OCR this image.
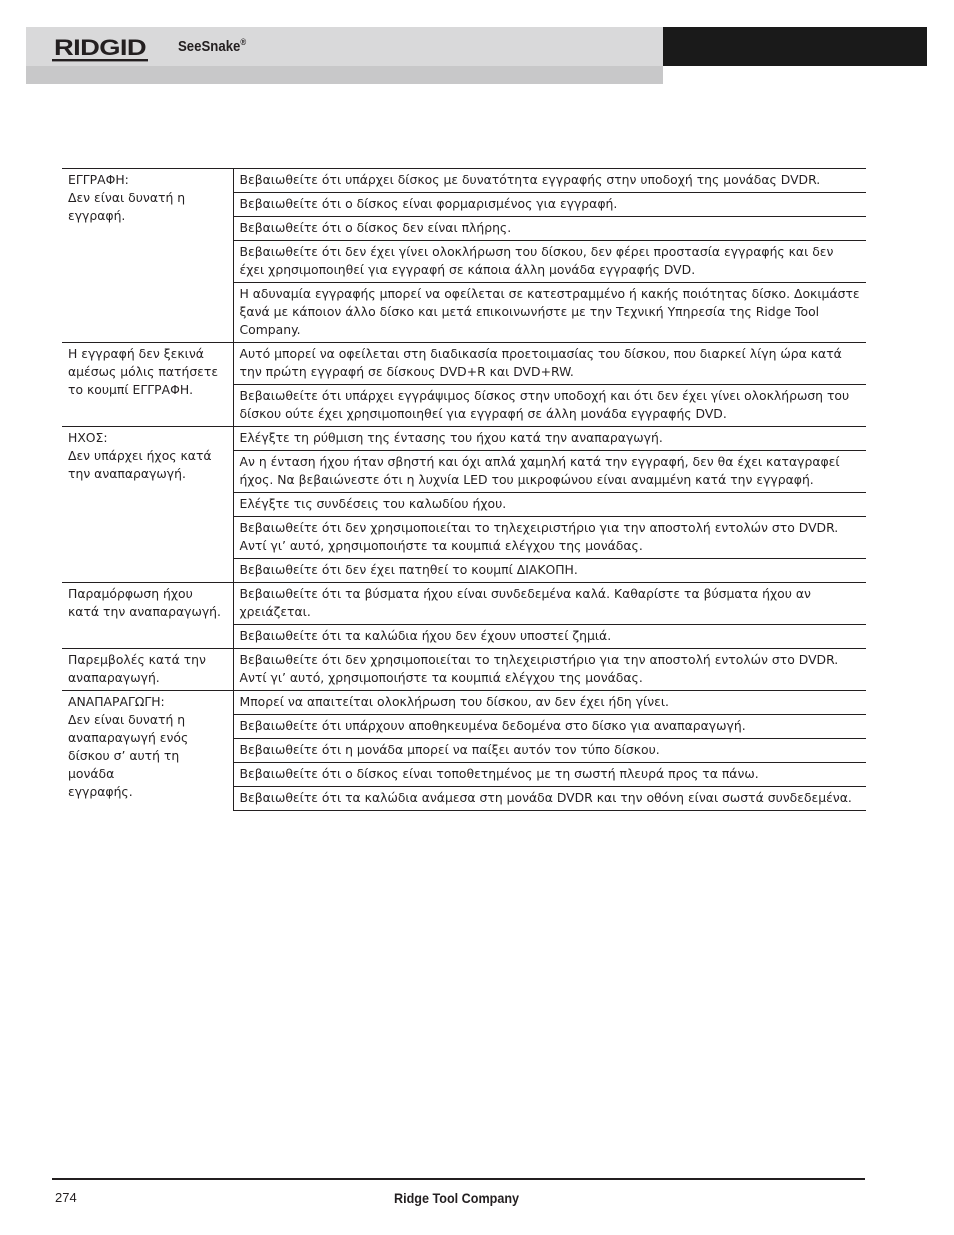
RIDGID SeeSnake®
ΕΓΓΡΑΦΗ:
Δεν είναι δυνατή η
εγγραφή.	Βεβαιωθείτε ότι υπάρχει δίσκος με δυνατότητα εγγραφής στην υποδοχή της μονάδας DVDR.
	Βεβαιωθείτε ότι ο δίσκος είναι φορμαρισμένος για εγγραφή.
	Βεβαιωθείτε ότι ο δίσκος δεν είναι πλήρης.
	Βεβαιωθείτε ότι δεν έχει γίνει ολοκλήρωση του δίσκου, δεν φέρει προστασία εγγραφής και δεν έχει χρησιμοποιηθεί για εγγραφή σε κάποια άλλη μονάδα εγγραφής DVD.
	Η αδυναμία εγγραφής μπορεί να οφείλεται σε κατεστραμμένο ή κακής ποιότητας δίσκο. Δοκιμάστε ξανά με κάποιον άλλο δίσκο και μετά επικοινωνήστε με την Τεχνική Υπηρεσία της Ridge Tool Company.
Η εγγραφή δεν ξεκινά
αμέσως μόλις πατήσετε
το κουμπί ΕΓΓΡΑΦΗ.	Αυτό μπορεί να οφείλεται στη διαδικασία προετοιμασίας του δίσκου, που διαρκεί λίγη ώρα κατά την πρώτη εγγραφή σε δίσκους DVD+R και DVD+RW.
	Βεβαιωθείτε ότι υπάρχει εγγράψιμος δίσκος στην υποδοχή και ότι δεν έχει γίνει ολοκλήρωση του δίσκου ούτε έχει χρησιμοποιηθεί για εγγραφή σε άλλη μονάδα εγγραφής DVD.
ΗΧΟΣ:
Δεν υπάρχει ήχος κατά
την αναπαραγωγή.	Ελέγξτε τη ρύθμιση της έντασης του ήχου κατά την αναπαραγωγή.
	Αν η ένταση ήχου ήταν σβηστή και όχι απλά χαμηλή κατά την εγγραφή, δεν θα έχει καταγραφεί ήχος. Να βεβαιώνεστε ότι η λυχνία LED του μικροφώνου είναι αναμμένη κατά την εγγραφή.
	Ελέγξτε τις συνδέσεις του καλωδίου ήχου.
	Βεβαιωθείτε ότι δεν χρησιμοποιείται το τηλεχειριστήριο για την αποστολή εντολών στο DVDR. Αντί γι’ αυτό, χρησιμοποιήστε τα κουμπιά ελέγχου της μονάδας.
	Βεβαιωθείτε ότι δεν έχει πατηθεί το κουμπί ΔΙΑΚΟΠΗ.
Παραμόρφωση ήχου
κατά την αναπαραγωγή.	Βεβαιωθείτε ότι τα βύσματα ήχου είναι συνδεδεμένα καλά. Καθαρίστε τα βύσματα ήχου αν χρειάζεται.
	Βεβαιωθείτε ότι τα καλώδια ήχου δεν έχουν υποστεί ζημιά.
Παρεμβολές κατά την
αναπαραγωγή.	Βεβαιωθείτε ότι δεν χρησιμοποιείται το τηλεχειριστήριο για την αποστολή εντολών στο DVDR. Αντί γι’ αυτό, χρησιμοποιήστε τα κουμπιά ελέγχου της μονάδας.
ΑΝΑΠΑΡΑΓΩΓΗ:
Δεν είναι δυνατή η
αναπαραγωγή ενός
δίσκου σ’ αυτή τη μονάδα
εγγραφής.	Μπορεί να απαιτείται ολοκλήρωση του δίσκου, αν δεν έχει ήδη γίνει.
	Βεβαιωθείτε ότι υπάρχουν αποθηκευμένα δεδομένα στο δίσκο για αναπαραγωγή.
	Βεβαιωθείτε ότι η μονάδα μπορεί να παίξει αυτόν τον τύπο δίσκου.
	Βεβαιωθείτε ότι ο δίσκος είναι τοποθετημένος με τη σωστή πλευρά προς τα πάνω.
	Βεβαιωθείτε ότι τα καλώδια ανάμεσα στη μονάδα DVDR και την οθόνη είναι σωστά συνδεδεμένα.
274	Ridge Tool Company
